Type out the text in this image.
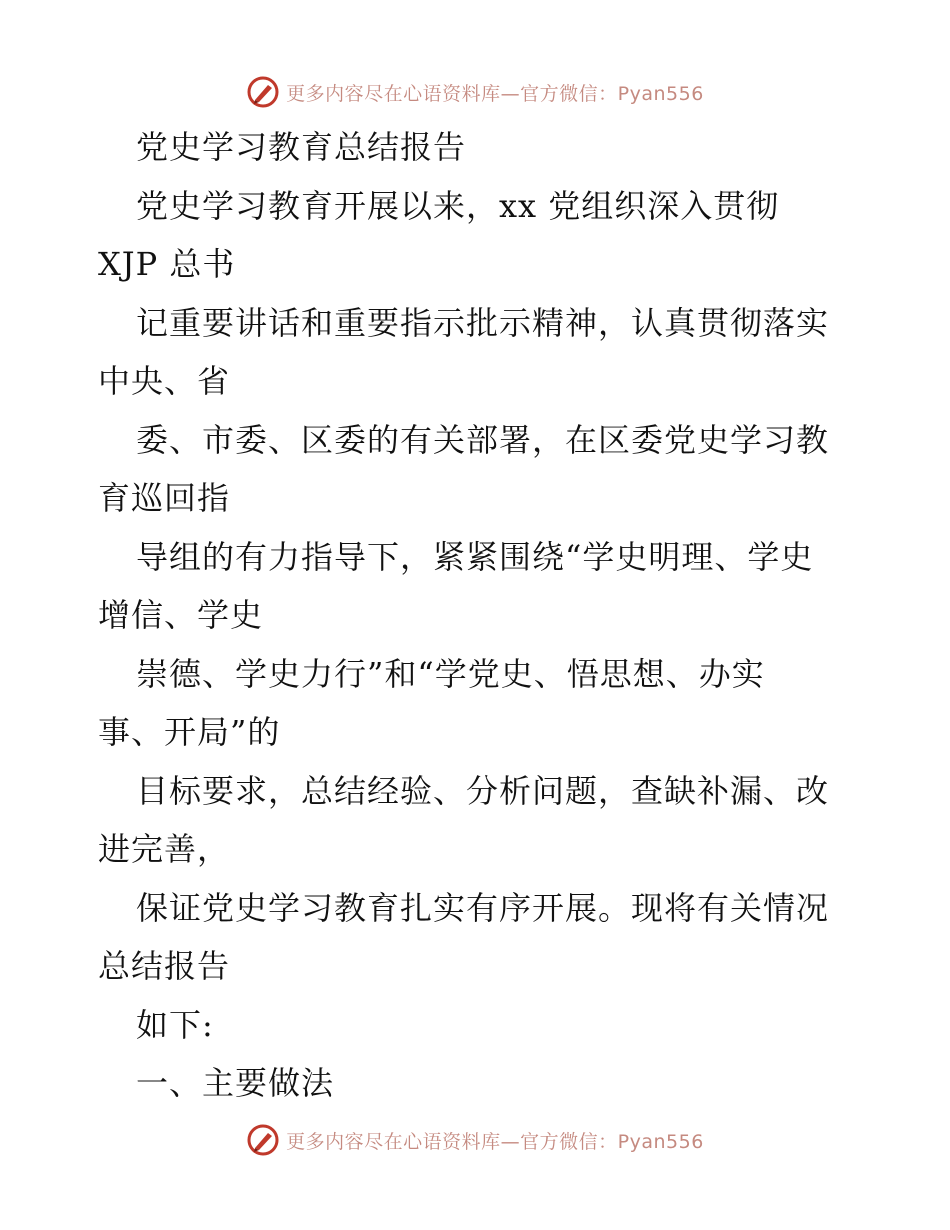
更多内容尽在心语资料库—官方微信：Pyan556
党史学习教育总结报告
党史学习教育开展以来，xx 党组织深入贯彻
XJP 总书
记重要讲话和重要指示批示精神，认真贯彻落实
中央、省
委、市委、区委的有关部署，在区委党史学习教
育巡回指
导组的有力指导下，紧紧围绕“学史明理、学史
增信、学史
崇德、学史力行”和“学党史、悟思想、办实
事、开局”的
目标要求，总结经验、分析问题，查缺补漏、改
进完善，
保证党史学习教育扎实有序开展。现将有关情况
总结报告
如下:
一、主要做法
更多内容尽在心语资料库—官方微信：Pyan556
